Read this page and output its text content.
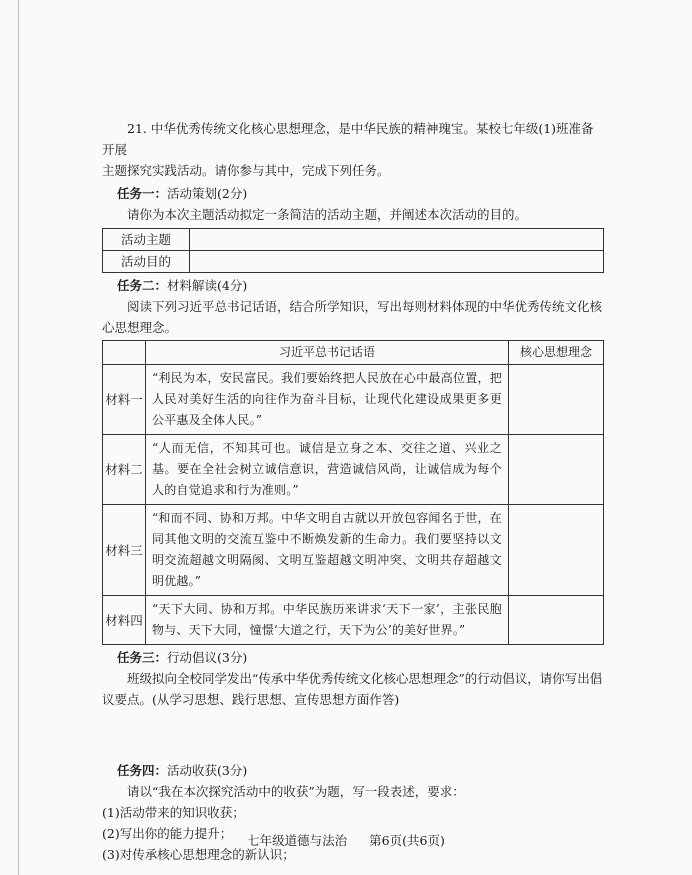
21. 中华优秀传统文化核心思想理念，是中华民族的精神瑰宝。某校七年级(1)班准备开展

主题探究实践活动。请你参与其中，完成下列任务。

任务一：活动策划(2分)

请你为本次主题活动拟定一条简洁的活动主题，并阐述本次活动的目的。

活动主题	
活动目的	

任务二：材料解读(4分)

阅读下列习近平总书记话语，结合所学知识，写出每则材料体现的中华优秀传统文化核心思想理念。

	习近平总书记话语	核心思想理念
材料一	“利民为本，安民富民。我们要始终把人民放在心中最高位置，把人民对美好生活的向往作为奋斗目标，让现代化建设成果更多更公平惠及全体人民。”	
材料二	“人而无信，不知其可也。诚信是立身之本、交往之道、兴业之基。要在全社会树立诚信意识，营造诚信风尚，让诚信成为每个人的自觉追求和行为准则。”	
材料三	“和而不同、协和万邦。中华文明自古就以开放包容闻名于世，在同其他文明的交流互鉴中不断焕发新的生命力。我们要坚持以文明交流超越文明隔阂、文明互鉴超越文明冲突、文明共存超越文明优越。”	
材料四	“天下大同、协和万邦。中华民族历来讲求‘天下一家’，主张民胞物与、天下大同，憧憬‘大道之行，天下为公’的美好世界。”	

任务三：行动倡议(3分)

班级拟向全校同学发出“传承中华优秀传统文化核心思想理念”的行动倡议，请你写出倡议要点。(从学习思想、践行思想、宣传思想方面作答)

任务四：活动收获(3分)

请以“我在本次探究活动中的收获”为题，写一段表述，要求：

(1)活动带来的知识收获；

(2)写出你的能力提升；

(3)对传承核心思想理念的新认识；

七年级道德与法治 第6页(共6页)
